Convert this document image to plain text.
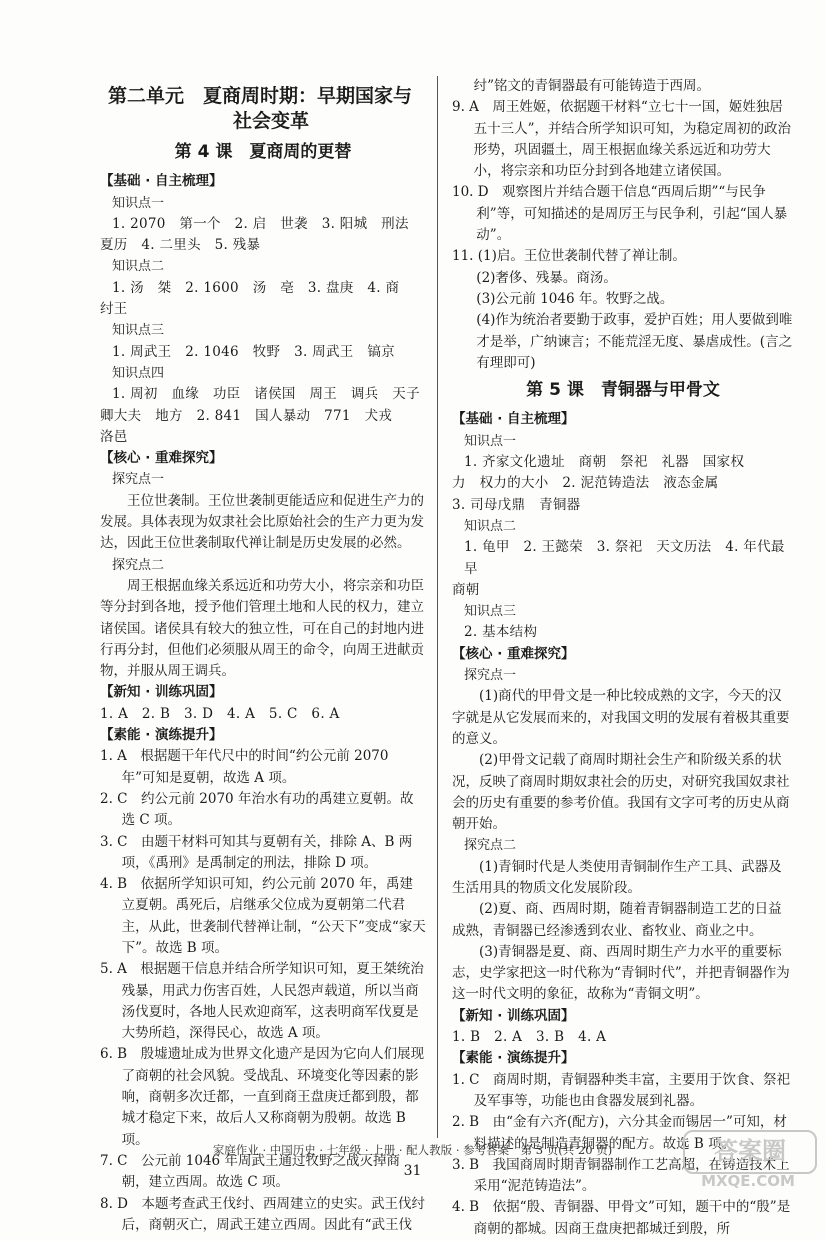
第二单元　夏商周时期：早期国家与
社会变革
第 4 课　夏商周的更替
【基础 · 自主梳理】
知识点一
1. 2070　第一个　2. 启　世袭　3. 阳城　刑法
夏历　4. 二里头　5. 残暴
知识点二
1. 汤　桀　2. 1600　汤　亳　3. 盘庚　4. 商
纣王
知识点三
1. 周武王　2. 1046　牧野　3. 周武王　镐京
知识点四
1. 周初　血缘　功臣　诸侯国　周王　调兵　天子
卿大夫　地方　2. 841　国人暴动　771　犬戎
洛邑
【核心 · 重难探究】
探究点一
王位世袭制。王位世袭制更能适应和促进生产力的发展。具体表现为奴隶社会比原始社会的生产力更为发达，因此王位世袭制取代禅让制是历史发展的必然。
探究点二
周王根据血缘关系远近和功劳大小，将宗亲和功臣等分封到各地，授予他们管理土地和人民的权力，建立诸侯国。诸侯具有较大的独立性，可在自己的封地内进行再分封，但他们必须服从周王的命令，向周王进献贡物，并服从周王调兵。
【新知 · 训练巩固】
1. A　2. B　3. D　4. A　5. C　6. A
【素能 · 演练提升】
1. A　根据题干年代尺中的时间“约公元前 2070 年”可知是夏朝，故选 A 项。
2. C　约公元前 2070 年治水有功的禹建立夏朝。故选 C 项。
3. C　由题干材料可知其与夏朝有关，排除 A、B 两项，《禹刑》是禹制定的刑法，排除 D 项。
4. B　依据所学知识可知，约公元前 2070 年，禹建立夏朝。禹死后，启继承父位成为夏朝第二代君主，从此，世袭制代替禅让制，“公天下”变成“家天下”。故选 B 项。
5. A　根据题干信息并结合所学知识可知，夏王桀统治残暴，用武力伤害百姓，人民怨声载道，所以当商汤伐夏时，各地人民欢迎商军，这表明商军伐夏是大势所趋，深得民心，故选 A 项。
6. B　殷墟遗址成为世界文化遗产是因为它向人们展现了商朝的社会风貌。受战乱、环境变化等因素的影响，商朝多次迁都，一直到商王盘庚迁都到殷，都城才稳定下来，故后人又称商朝为殷朝。故选 B 项。
7. C　公元前 1046 年周武王通过牧野之战灭掉商朝，建立西周。故选 C 项。
8. D　本题考查武王伐纣、西周建立的史实。武王伐纣后，商朝灭亡，周武王建立西周。因此有“武王伐
纣”铭文的青铜器最有可能铸造于西周。
9. A　周王姓姬，依据题干材料“立七十一国，姬姓独居五十三人”，并结合所学知识可知，为稳定周初的政治形势，巩固疆土，周王根据血缘关系远近和功劳大小，将宗亲和功臣分封到各地建立诸侯国。
10. D　观察图片并结合题干信息“西周后期”“与民争利”等，可知描述的是周厉王与民争利，引起“国人暴动”。
11. (1)启。王位世袭制代替了禅让制。
(2)奢侈、残暴。商汤。
(3)公元前 1046 年。牧野之战。
(4)作为统治者要勤于政事，爱护百姓；用人要做到唯才是举，广纳谏言；不能荒淫无度、暴虐成性。(言之有理即可)
第 5 课　青铜器与甲骨文
【基础 · 自主梳理】
知识点一
1. 齐家文化遗址　商朝　祭祀　礼器　国家权
力　权力的大小　2. 泥范铸造法　液态金属
3. 司母戊鼎　青铜器
知识点二
1. 龟甲　2. 王懿荣　3. 祭祀　天文历法　4. 年代最早
商朝
知识点三
2. 基本结构
【核心 · 重难探究】
探究点一
(1)商代的甲骨文是一种比较成熟的文字，今天的汉字就是从它发展而来的，对我国文明的发展有着极其重要的意义。
(2)甲骨文记载了商周时期社会生产和阶级关系的状况，反映了商周时期奴隶社会的历史，对研究我国奴隶社会的历史有重要的参考价值。我国有文字可考的历史从商朝开始。
探究点二
(1)青铜时代是人类使用青铜制作生产工具、武器及生活用具的物质文化发展阶段。
(2)夏、商、西周时期，随着青铜器制造工艺的日益成熟，青铜器已经渗透到农业、畜牧业、商业之中。
(3)青铜器是夏、商、西周时期生产力水平的重要标志，史学家把这一时代称为“青铜时代”，并把青铜器作为这一时代文明的象征，故称为“青铜文明”。
【新知 · 训练巩固】
1. B　2. A　3. B　4. A
【素能 · 演练提升】
1. C　商周时期，青铜器种类丰富，主要用于饮食、祭祀及军事等，功能也由食器发展到礼器。
2. B　由“金有六齐(配方)，六分其金而锡居一”可知，材料描述的是制造青铜器的配方。故选 B 项。
3. B　我国商周时期青铜器制作工艺高超，在铸造技术上采用“泥范铸造法”。
4. B　依据“殷、青铜器、甲骨文”可知，题干中的“殷”是商朝的都城。因商王盘庚把都城迁到殷，所
家庭作业 · 中国历史 · 七年级 · 上册 · 配人教版 · 参考答案　第 3 页(共 20 页)
31
答案圈
MXQE.COM
